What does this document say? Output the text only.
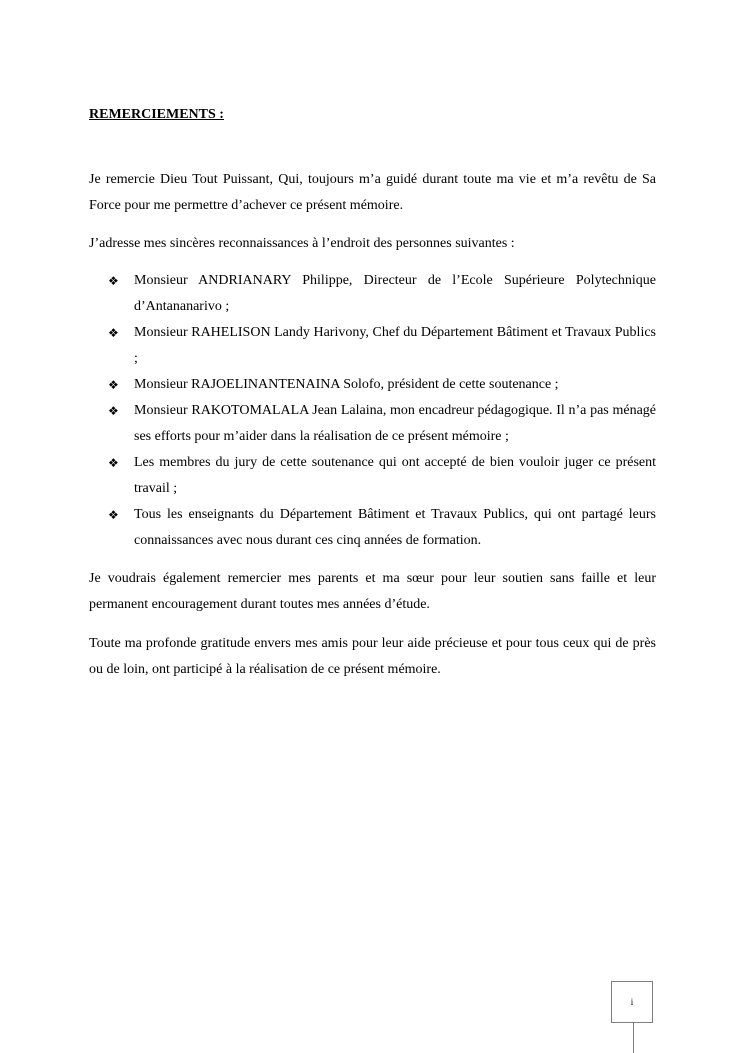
REMERCIEMENTS :

Je remercie Dieu Tout Puissant, Qui, toujours m’a guidé durant toute ma vie et m’a revêtu de Sa Force pour me permettre d’achever ce présent mémoire.

J’adresse mes sincères reconnaissances à l’endroit des personnes suivantes :

❖ Monsieur ANDRIANARY Philippe, Directeur de l’Ecole Supérieure Polytechnique d’Antananarivo ;
❖ Monsieur RAHELISON Landy Harivony, Chef du Département Bâtiment et Travaux Publics ;
❖ Monsieur RAJOELINANTENAINA Solofo, président de cette soutenance ;
❖ Monsieur RAKOTOMALALA Jean Lalaina, mon encadreur pédagogique. Il n’a pas ménagé ses efforts pour m’aider dans la réalisation de ce présent mémoire ;
❖ Les membres du jury de cette soutenance qui ont accepté de bien vouloir juger ce présent travail ;
❖ Tous les enseignants du Département Bâtiment et Travaux Publics, qui ont partagé leurs connaissances avec nous durant ces cinq années de formation.

Je voudrais également remercier mes parents et ma sœur pour leur soutien sans faille et leur permanent encouragement durant toutes mes années d’étude.

Toute ma profonde gratitude envers mes amis pour leur aide précieuse et pour tous ceux qui de près ou de loin, ont participé à la réalisation de ce présent mémoire.

i
